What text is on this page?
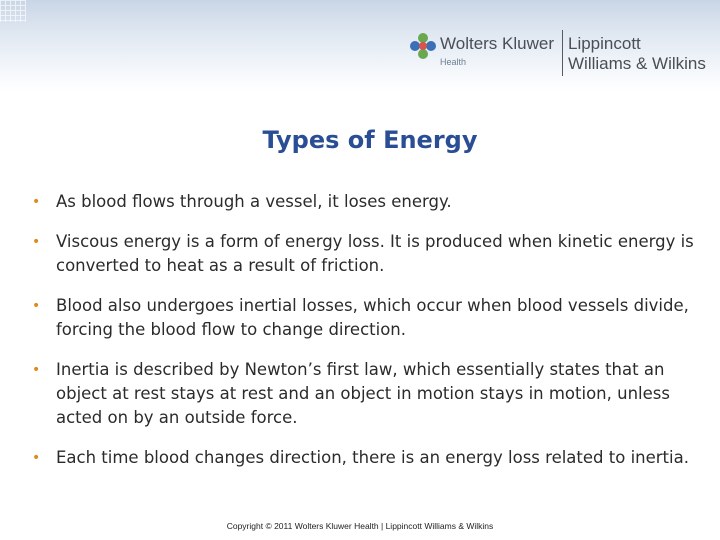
Wolters Kluwer
Health
Lippincott
Williams & Wilkins
Types of Energy
• As blood flows through a vessel, it loses energy.
• Viscous energy is a form of energy loss. It is produced when kinetic energy is converted to heat as a result of friction.
• Blood also undergoes inertial losses, which occur when blood vessels divide, forcing the blood flow to change direction.
• Inertia is described by Newton’s first law, which essentially states that an object at rest stays at rest and an object in motion stays in motion, unless acted on by an outside force.
• Each time blood changes direction, there is an energy loss related to inertia.
Copyright © 2011 Wolters Kluwer Health | Lippincott Williams & Wilkins
